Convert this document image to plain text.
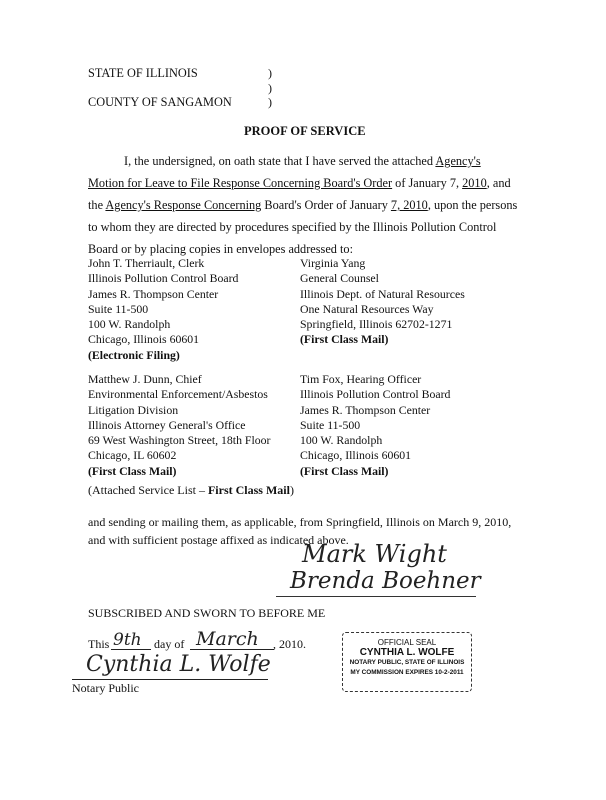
STATE OF ILLINOIS	)
)
COUNTY OF SANGAMON	)
PROOF OF SERVICE
I, the undersigned, on oath state that I have served the attached Agency's Motion for Leave to File Response Concerning Board's Order of January 7, 2010, and the Agency's Response Concerning Board's Order of January 7, 2010, upon the persons to whom they are directed by procedures specified by the Illinois Pollution Control Board or by placing copies in envelopes addressed to:
John T. Therriault, Clerk
Illinois Pollution Control Board
James R. Thompson Center
Suite 11-500
100 W. Randolph
Chicago, Illinois 60601
(Electronic Filing)
Virginia Yang
General Counsel
Illinois Dept. of Natural Resources
One Natural Resources Way
Springfield, Illinois 62702-1271
(First Class Mail)
Matthew J. Dunn, Chief
Environmental Enforcement/Asbestos
Litigation Division
Illinois Attorney General's Office
69 West Washington Street, 18th Floor
Chicago, IL 60602
(First Class Mail)
Tim Fox, Hearing Officer
Illinois Pollution Control Board
James R. Thompson Center
Suite 11-500
100 W. Randolph
Chicago, Illinois 60601
(First Class Mail)
(Attached Service List – First Class Mail)
and sending or mailing them, as applicable, from Springfield, Illinois on March 9, 2010,
and with sufficient postage affixed as indicated above.
Mark Wight
Brenda Boehner
SUBSCRIBED AND SWORN TO BEFORE ME
This 9th day of March , 2010.
Cynthia L. Wolfe
Notary Public
OFFICIAL SEAL
CYNTHIA L. WOLFE
NOTARY PUBLIC, STATE OF ILLINOIS
MY COMMISSION EXPIRES 10-2-2011
